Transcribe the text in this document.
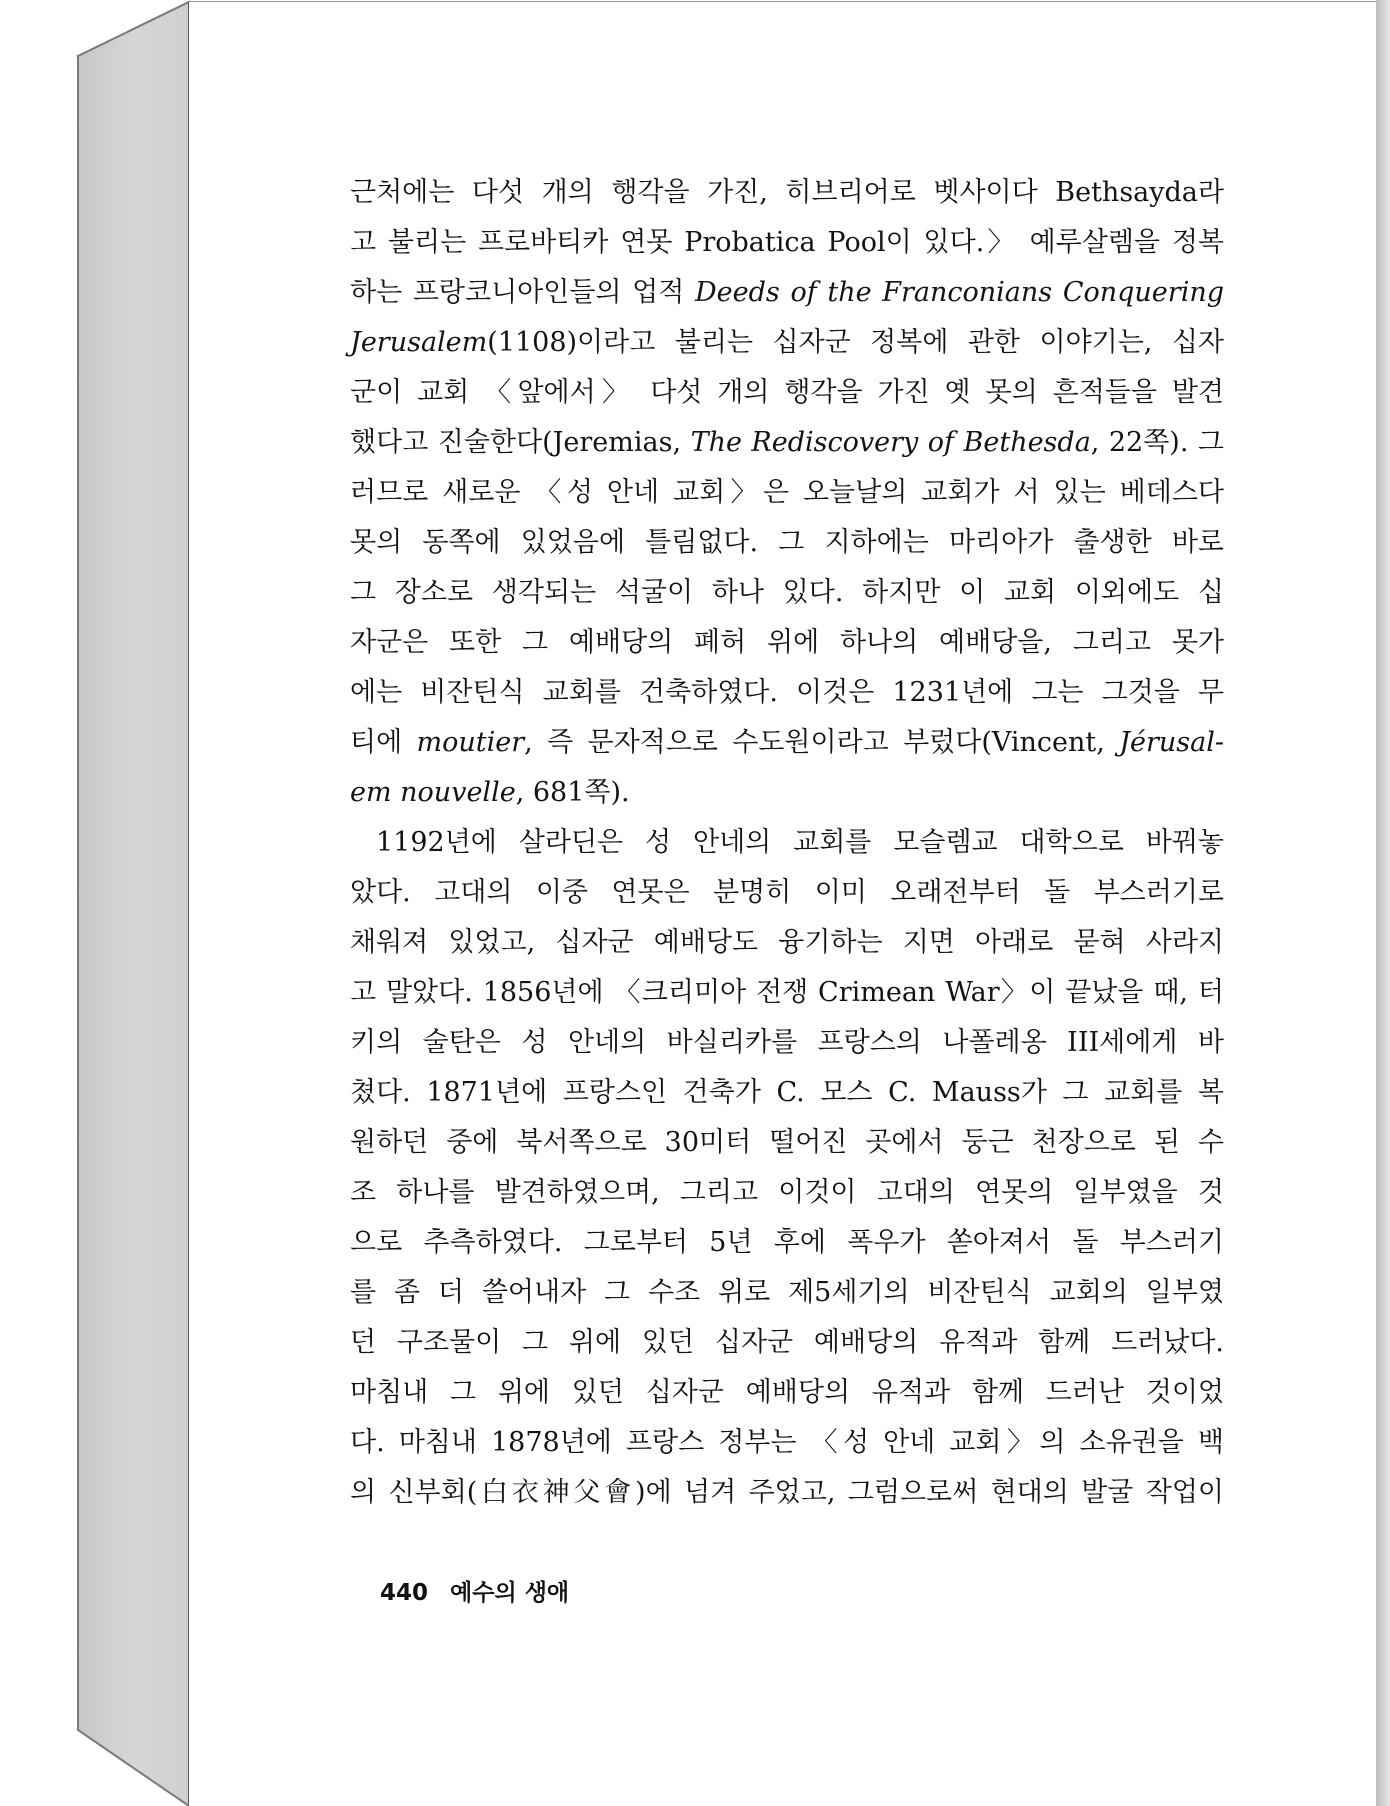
근처에는 다섯 개의 행각을 가진, 히브리어로 벳사이다 Bethsayda라
고 불리는 프로바티카 연못 Probatica Pool이 있다.〉 예루살렘을 정복
하는 프랑코니아인들의 업적 Deeds of the Franconians Conquering
Jerusalem(1108)이라고 불리는 십자군 정복에 관한 이야기는, 십자
군이 교회 〈앞에서〉 다섯 개의 행각을 가진 옛 못의 흔적들을 발견
했다고 진술한다(Jeremias, The Rediscovery of Bethesda, 22쪽). 그
러므로 새로운 〈성 안네 교회〉은 오늘날의 교회가 서 있는 베데스다
못의 동쪽에 있었음에 틀림없다. 그 지하에는 마리아가 출생한 바로
그 장소로 생각되는 석굴이 하나 있다. 하지만 이 교회 이외에도 십
자군은 또한 그 예배당의 폐허 위에 하나의 예배당을, 그리고 못가
에는 비잔틴식 교회를 건축하였다. 이것은 1231년에 그는 그것을 무
티에 moutier, 즉 문자적으로 수도원이라고 부렀다(Vincent, Jérusal-
em nouvelle, 681쪽).
1192년에 살라딘은 성 안네의 교회를 모슬렘교 대학으로 바꿔놓
았다. 고대의 이중 연못은 분명히 이미 오래전부터 돌 부스러기로
채워져 있었고, 십자군 예배당도 융기하는 지면 아래로 묻혀 사라지
고 말았다. 1856년에 〈크리미아 전쟁 Crimean War〉이 끝났을 때, 터
키의 술탄은 성 안네의 바실리카를 프랑스의 나폴레옹 III세에게 바
쳤다. 1871년에 프랑스인 건축가 C. 모스 C. Mauss가 그 교회를 복
원하던 중에 북서쪽으로 30미터 떨어진 곳에서 둥근 천장으로 된 수
조 하나를 발견하였으며, 그리고 이것이 고대의 연못의 일부였을 것
으로 추측하였다. 그로부터 5년 후에 폭우가 쏟아져서 돌 부스러기
를 좀 더 쓸어내자 그 수조 위로 제5세기의 비잔틴식 교회의 일부였
던 구조물이 그 위에 있던 십자군 예배당의 유적과 함께 드러났다.
마침내 그 위에 있던 십자군 예배당의 유적과 함께 드러난 것이었
다. 마침내 1878년에 프랑스 정부는 〈성 안네 교회〉의 소유권을 백
의 신부회(白衣神父會)에 넘겨 주었고, 그럼으로써 현대의 발굴 작업이
440 예수의 생애
